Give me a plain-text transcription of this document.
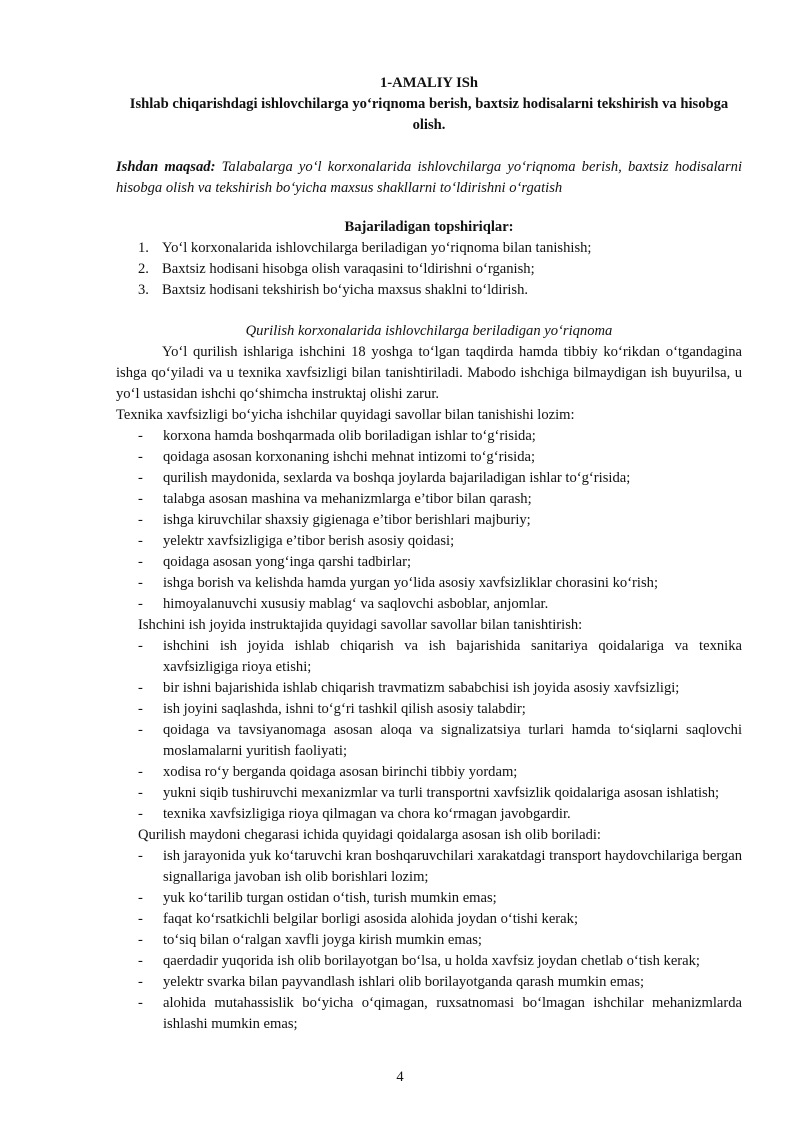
1-AMALIY ISh
Ishlab chiqarishdagi ishlovchilarga yo‘riqnoma berish, baxtsiz hodisalarni tekshirish va hisobga olish.
Ishdan maqsad: Talabalarga yo‘l korxonalarida ishlovchilarga yo‘riqnoma berish, baxtsiz hodisalarni hisobga olish va tekshirish bo‘yicha maxsus shakllarni to‘ldirishni o‘rgatish
Bajariladigan topshiriqlar:
1. Yo‘l korxonalarida ishlovchilarga beriladigan yo‘riqnoma bilan tanishish;
2. Baxtsiz hodisani hisobga olish varaqasini to‘ldirishni o‘rganish;
3. Baxtsiz hodisani tekshirish bo‘yicha maxsus shaklni to‘ldirish.
Qurilish korxonalarida ishlovchilarga beriladigan yo‘riqnoma

Yo‘l qurilish ishlariga ishchini 18 yoshga to‘lgan taqdirda hamda tibbiy ko‘rikdan o‘tgandagina ishga qo‘yiladi va u texnika xavfsizligi bilan tanishtiriladi. Mabodo ishchiga bilmaydigan ish buyurilsa, u yo‘l ustasidan ishchi qo‘shimcha instruktaj olishi zarur.

Texnika xavfsizligi bo‘yicha ishchilar quyidagi savollar bilan tanishishi lozim:

- korxona hamda boshqarmada olib boriladigan ishlar to‘g‘risida;
- qoidaga asosan korxonaning ishchi mehnat intizomi to‘g‘risida;
- qurilish maydonida, sexlarda va boshqa joylarda bajariladigan ishlar to‘g‘risida;
- talabga asosan mashina va mehanizmlarga e’tibor bilan qarash;
- ishga kiruvchilar shaxsiy gigienaga e’tibor berishlari majburiy;
- yelektr xavfsizligiga e’tibor berish asosiy qoidasi;
- qoidaga asosan yong‘inga qarshi tadbirlar;
- ishga borish va kelishda hamda yurgan yo‘lida asosiy xavfsizliklar chorasini ko‘rish;
- himoyalanuvchi xususiy mablag‘ va saqlovchi asboblar, anjomlar.

Ishchini ish joyida instruktajida quyidagi savollar savollar bilan tanishtirish:

- ishchini ish joyida ishlab chiqarish va ish bajarishida sanitariya qoidalariga va texnika xavfsizligiga rioya etishi;
- bir ishni bajarishida ishlab chiqarish travmatizm sababchisi ish joyida asosiy xavfsizligi;
- ish joyini saqlashda, ishni to‘g‘ri tashkil qilish asosiy talabdir;
- qoidaga va tavsiyanomaga asosan aloqa va signalizatsiya turlari hamda to‘siqlarni saqlovchi moslamalarni yuritish faoliyati;
- xodisa ro‘y berganda qoidaga asosan birinchi tibbiy yordam;
- yukni siqib tushiruvchi mexanizmlar va turli transportni xavfsizlik qoidalariga asosan ishlatish;
- texnika xavfsizligiga rioya qilmagan va chora ko‘rmagan javobgardir.

Qurilish maydoni chegarasi ichida quyidagi qoidalarga asosan ish olib boriladi:

- ish jarayonida yuk ko‘taruvchi kran boshqaruvchilari xarakatdagi transport haydovchilariga bergan signallariga javoban ish olib borishlari lozim;
- yuk ko‘tarilib turgan ostidan o‘tish, turish mumkin emas;
- faqat ko‘rsatkichli belgilar borligi asosida alohida joydan o‘tishi kerak;
- to‘siq bilan o‘ralgan xavfli joyga kirish mumkin emas;
- qaerdadir yuqorida ish olib borilayotgan bo‘lsa, u holda xavfsiz joydan chetlab o‘tish kerak;
- yelektr svarka bilan payvandlash ishlari olib borilayotganda qarash mumkin emas;
- alohida mutahassislik bo‘yicha o‘qimagan, ruxsatnomasi bo‘lmagan ishchilar mehanizmlarda ishlashi mumkin emas;
4
